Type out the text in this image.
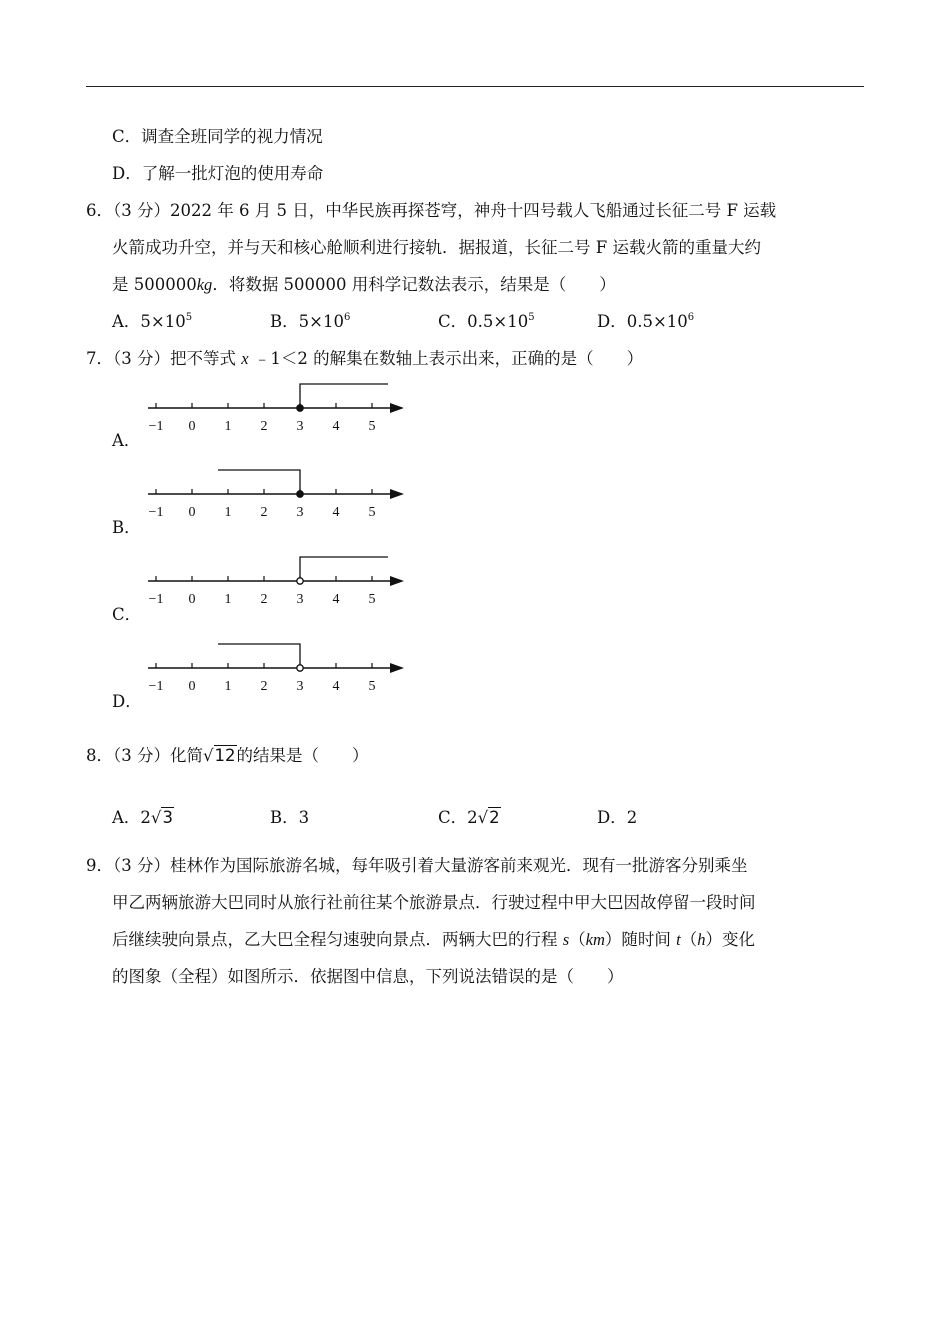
C．调查全班同学的视力情况
D．了解一批灯泡的使用寿命
6．（3 分）2022 年 6 月 5 日，中华民族再探苍穹，神舟十四号载人飞船通过长征二号 F 运载
火箭成功升空，并与天和核心舱顺利进行接轨．据报道，长征二号 F 运载火箭的重量大约
是 500000kg．将数据 500000 用科学记数法表示，结果是（　　）
A．$5\times 10^5$	B．$5\times 10^6$	C．$0.5\times 10^5$	D．$0.5\times 10^6$
7．（3 分）把不等式 x ﹣1＜2 的解集在数轴上表示出来，正确的是（　　）
A．
−1 0 1 2 3 4 5
B．
−1 0 1 2 3 4 5
C．
−1 0 1 2 3 4 5
D．
−1 0 1 2 3 4 5
8．（3 分）化简√12的结果是（　　）
A．2√3	B．3	C．2√2	D．2
9．（3 分）桂林作为国际旅游名城，每年吸引着大量游客前来观光．现有一批游客分别乘坐
甲乙两辆旅游大巴同时从旅行社前往某个旅游景点．行驶过程中甲大巴因故停留一段时间
后继续驶向景点，乙大巴全程匀速驶向景点．两辆大巴的行程 s（km）随时间 t（h）变化
的图象（全程）如图所示．依据图中信息，下列说法错误的是（　　）
